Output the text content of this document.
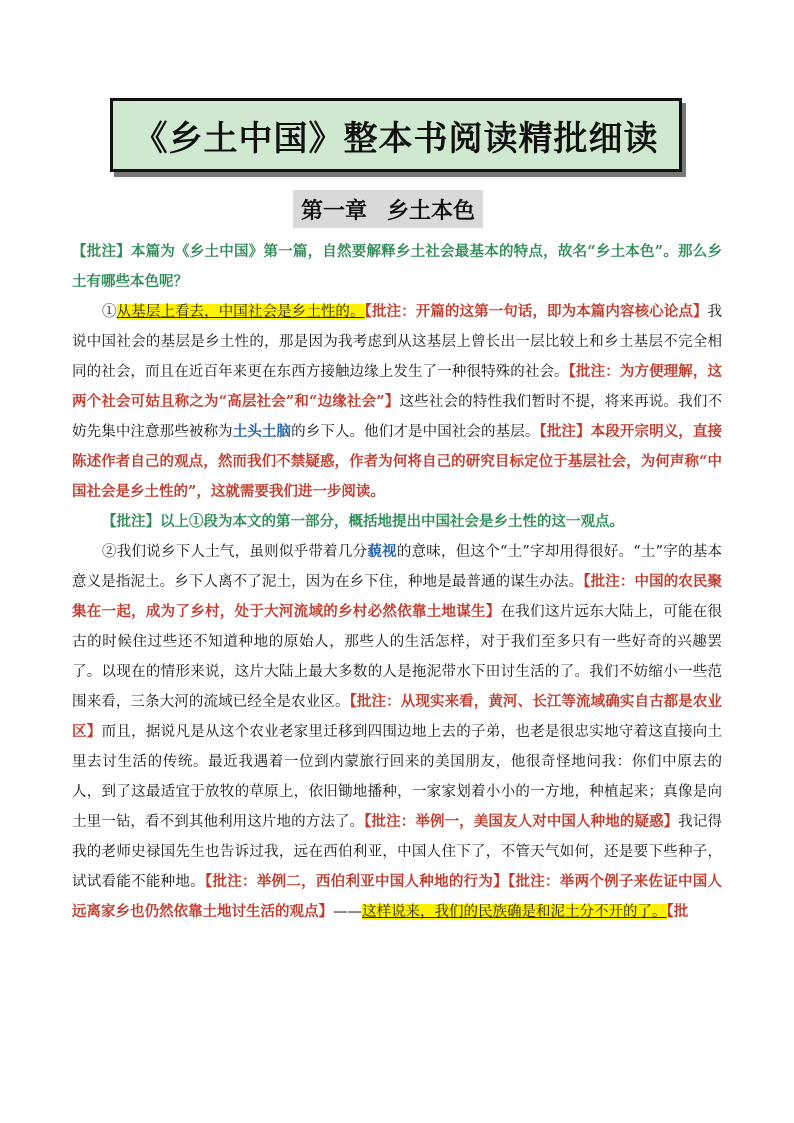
《乡土中国》整本书阅读精批细读
第一章 乡土本色

【批注】本篇为《乡土中国》第一篇，自然要解释乡土社会最基本的特点，故名“乡土本色”。那么乡土有哪些本色呢？

①从基层上看去，中国社会是乡土性的。【批注：开篇的这第一句话，即为本篇内容核心论点】我说中国社会的基层是乡土性的，那是因为我考虑到从这基层上曾长出一层比较上和乡土基层不完全相同的社会，而且在近百年来更在东西方接触边缘上发生了一种很特殊的社会。【批注：为方便理解，这两个社会可姑且称之为“高层社会”和“边缘社会”】这些社会的特性我们暂时不提，将来再说。我们不妨先集中注意那些被称为土头土脑的乡下人。他们才是中国社会的基层。【批注】本段开宗明义，直接陈述作者自己的观点，然而我们不禁疑惑，作者为何将自己的研究目标定位于基层社会，为何声称“中国社会是乡土性的”，这就需要我们进一步阅读。

【批注】以上①段为本文的第一部分，概括地提出中国社会是乡土性的这一观点。

②我们说乡下人土气，虽则似乎带着几分藐视的意味，但这个“土”字却用得很好。“土”字的基本意义是指泥土。乡下人离不了泥土，因为在乡下住，种地是最普通的谋生办法。【批注：中国的农民聚集在一起，成为了乡村，处于大河流域的乡村必然依靠土地谋生】在我们这片远东大陆上，可能在很古的时候住过些还不知道种地的原始人，那些人的生活怎样，对于我们至多只有一些好奇的兴趣罢了。以现在的情形来说，这片大陆上最大多数的人是拖泥带水下田讨生活的了。我们不妨缩小一些范围来看，三条大河的流域已经全是农业区。【批注：从现实来看，黄河、长江等流域确实自古都是农业区】而且，据说凡是从这个农业老家里迁移到四围边地上去的子弟，也老是很忠实地守着这直接向土里去讨生活的传统。最近我遇着一位到内蒙旅行回来的美国朋友，他很奇怪地问我：你们中原去的人，到了这最适宜于放牧的草原上，依旧锄地播种，一家家划着小小的一方地，种植起来；真像是向土里一钻，看不到其他利用这片地的方法了。【批注：举例一，美国友人对中国人种地的疑惑】我记得我的老师史禄国先生也告诉过我，远在西伯利亚，中国人住下了，不管天气如何，还是要下些种子，试试看能不能种地。【批注：举例二，西伯利亚中国人种地的行为】【批注：举两个例子来佐证中国人远离家乡也仍然依靠土地讨生活的观点】——这样说来，我们的民族确是和泥土分不开的了。【批
